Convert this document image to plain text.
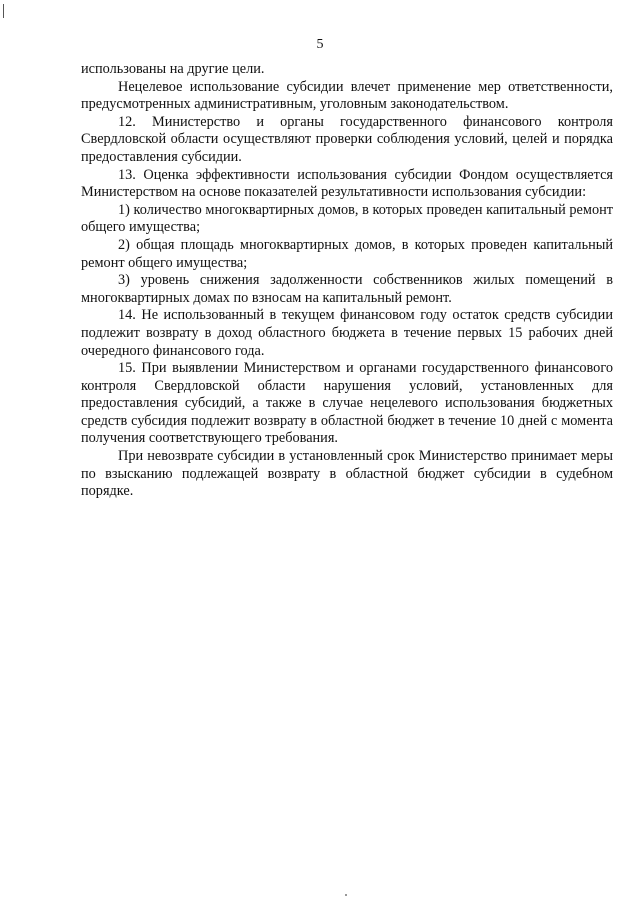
5

использованы на другие цели.

Нецелевое использование субсидии влечет применение мер ответственности, предусмотренных административным, уголовным законодательством.

12. Министерство и органы государственного финансового контроля Свердловской области осуществляют проверки соблюдения условий, целей и порядка предоставления субсидии.

13. Оценка эффективности использования субсидии Фондом осуществляется Министерством на основе показателей результативности использования субсидии:

1) количество многоквартирных домов, в которых проведен капитальный ремонт общего имущества;

2) общая площадь многоквартирных домов, в которых проведен капитальный ремонт общего имущества;

3) уровень снижения задолженности собственников жилых помещений в многоквартирных домах по взносам на капитальный ремонт.

14. Не использованный в текущем финансовом году остаток средств субсидии подлежит возврату в доход областного бюджета в течение первых 15 рабочих дней очередного финансового года.

15. При выявлении Министерством и органами государственного финансового контроля Свердловской области нарушения условий, установленных для предоставления субсидий, а также в случае нецелевого использования бюджетных средств субсидия подлежит возврату в областной бюджет в течение 10 дней с момента получения соответствующего требования.

При невозврате субсидии в установленный срок Министерство принимает меры по взысканию подлежащей возврату в областной бюджет субсидии в судебном порядке.
